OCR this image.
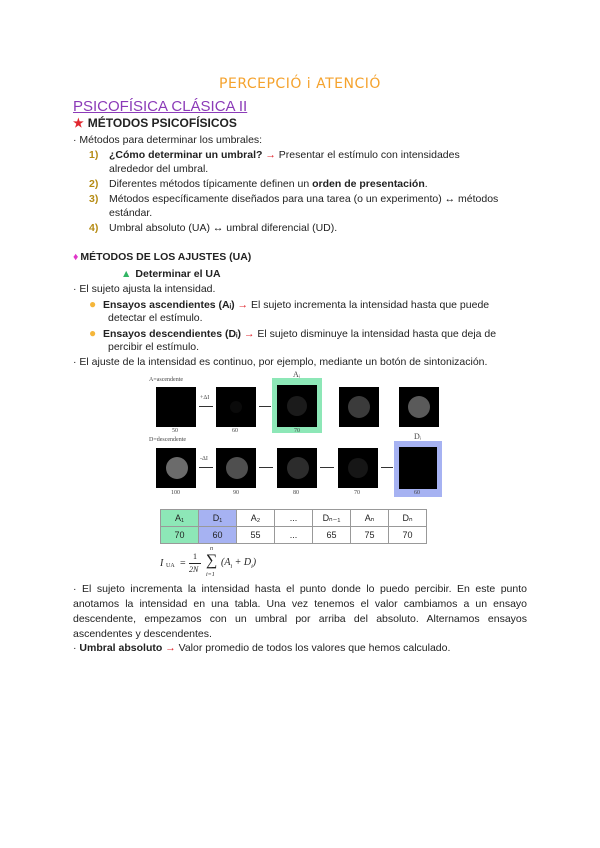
PERCEPCIÓ i ATENCIÓ
PSICOFÍSICA CLÁSICA II
★ MÉTODOS PSICOFÍSICOS
· Métodos para determinar los umbrales:
1) ¿Cómo determinar un umbral? → Presentar el estímulo con intensidades
alrededor del umbral.
2) Diferentes métodos típicamente definen un orden de presentación.
3) Métodos específicamente diseñados para una tarea (o un experimento) ↔ métodos
estándar.
4) Umbral absoluto (UA) ↔ umbral diferencial (UD).
♦ MÉTODOS DE LOS AJUSTES (UA)
▲ Determinar el UA
· El sujeto ajusta la intensidad.
● Ensayos ascendientes (Aᵢ) → El sujeto incrementa la intensidad hasta que puede
detectar el estímulo.
● Ensayos descendientes (Dᵢ) → El sujeto disminuye la intensidad hasta que deja de
percibir el estímulo.
· El ajuste de la intensidad es continuo, por ejemplo, mediante un botón de sintonización.
A=ascendente
D=descendente
+ΔI
Aᵢ
50	60	70
-ΔI
Dᵢ
100	90	80	70	60
A₁	D₁	A₂	...	Dₙ₋₁	Aₙ	Dₙ
70	60	55	...	65	75	70
I UA =
1
2N
n
∑
i=1
$(A_i + D_i)$
· El sujeto incrementa la intensidad hasta el punto donde lo puedo percibir. En este punto anotamos la intensidad en una tabla. Una vez tenemos el valor cambiamos a un ensayo descendente, empezamos con un umbral por arriba del absoluto. Alternamos ensayos ascendentes y descendentes.
· Umbral absoluto → Valor promedio de todos los valores que hemos calculado.
